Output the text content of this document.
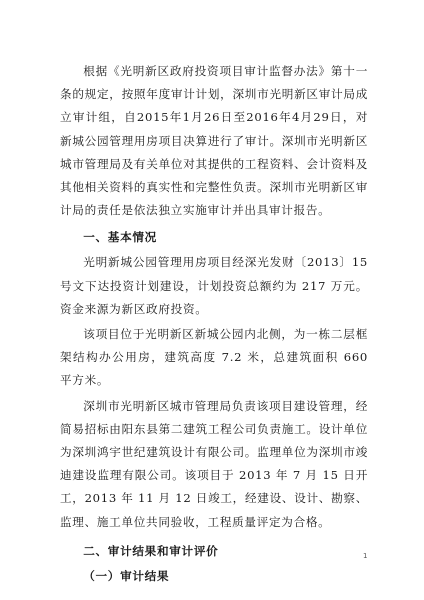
根据《光明新区政府投资项目审计监督办法》第十一条的规定，按照年度审计计划，深圳市光明新区审计局成立审计组，自2015年1月26日至2016年4月29日，对新城公园管理用房项目决算进行了审计。深圳市光明新区城市管理局及有关单位对其提供的工程资料、会计资料及其他相关资料的真实性和完整性负责。深圳市光明新区审计局的责任是依法独立实施审计并出具审计报告。

一、基本情况

光明新城公园管理用房项目经深光发财〔2013〕15号文下达投资计划建设，计划投资总额约为 217 万元。资金来源为新区政府投资。

该项目位于光明新区新城公园内北侧，为一栋二层框架结构办公用房，建筑高度 7.2 米，总建筑面积 660 平方米。

深圳市光明新区城市管理局负责该项目建设管理，经简易招标由阳东县第二建筑工程公司负责施工。设计单位为深圳鸿宇世纪建筑设计有限公司。监理单位为深圳市竣迪建设监理有限公司。该项目于 2013 年 7 月 15 日开工，2013 年 11 月 12 日竣工，经建设、设计、勘察、监理、施工单位共同验收，工程质量评定为合格。

二、审计结果和审计评价
（一）审计结果
1
